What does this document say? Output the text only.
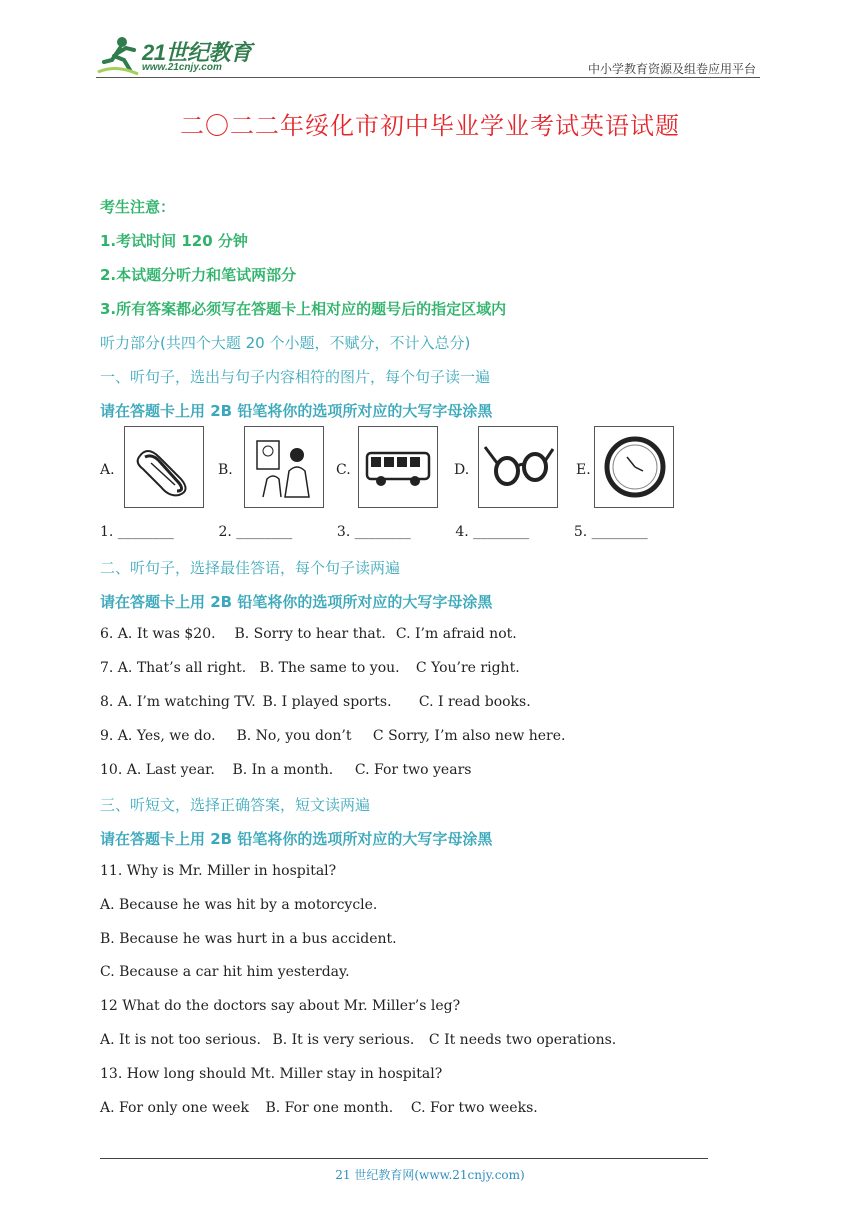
21世纪教育
www.21cnjy.com	中小学教育资源及组卷应用平台
二〇二二年绥化市初中毕业学业考试英语试题
考生注意：
1.考试时间 120 分钟
2.本试题分听力和笔试两部分
3.所有答案都必须写在答题卡上相对应的题号后的指定区域内
听力部分(共四个大题 20 个小题，不赋分，不计入总分)
一、听句子，选出与句子内容相符的图片，每个句子读一遍
请在答题卡上用 2B 铅笔将你的选项所对应的大写字母涂黑
A.	B.	C.	D.	E.
1. ________	2. ________	3. ________	4. ________	5. ________
二、听句子，选择最佳答语，每个句子读两遍
请在答题卡上用 2B 铅笔将你的选项所对应的大写字母涂黑
6. A. It was $20. B. Sorry to hear that. C. I’m afraid not.
7. A. That’s all right. B. The same to you. C You’re right.
8. A. I’m watching TV. B. I played sports. C. I read books.
9. A. Yes, we do. B. No, you don’t C Sorry, I’m also new here.
10. A. Last year. B. In a month. C. For two years
三、听短文，选择正确答案，短文读两遍
请在答题卡上用 2B 铅笔将你的选项所对应的大写字母涂黑
11. Why is Mr. Miller in hospital?
A. Because he was hit by a motorcycle.
B. Because he was hurt in a bus accident.
C. Because a car hit him yesterday.
12 What do the doctors say about Mr. Miller’s leg?
A. It is not too serious. B. It is very serious. C It needs two operations.
13. How long should Mt. Miller stay in hospital?
A. For only one week B. For one month. C. For two weeks.
21 世纪教育网(www.21cnjy.com)
